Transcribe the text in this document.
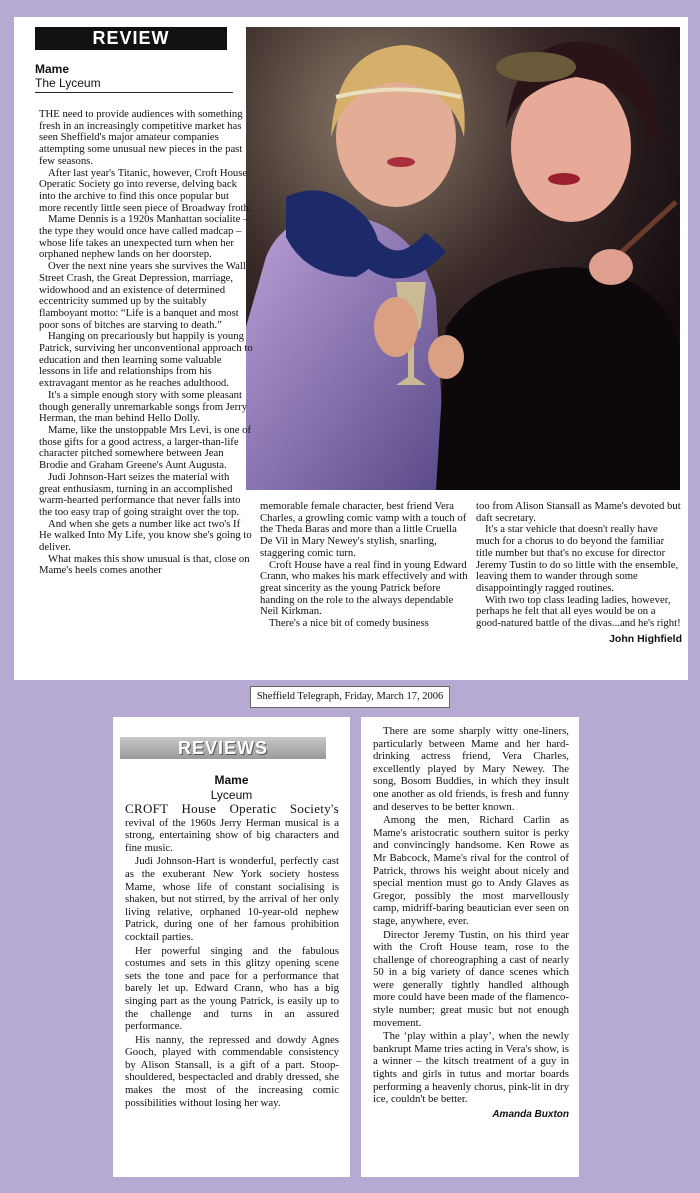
REVIEW
Mame
The Lyceum

THE need to provide audiences with something fresh in an increasingly competitive market has seen Sheffield's major amateur companies attempting some unusual new pieces in the past few seasons.

After last year's Titanic, however, Croft House Operatic Society go into reverse, delving back into the archive to find this once popular but more recently little seen piece of Broadway froth.

Mame Dennis is a 1920s Manhattan socialite – the type they would once have called madcap – whose life takes an unexpected turn when her orphaned nephew lands on her doorstep.

Over the next nine years she survives the Wall Street Crash, the Great Depression, marriage, widowhood and an existence of determined eccentricity summed up by the suitably flamboyant motto: “Life is a banquet and most poor sons of bitches are starving to death.”

Hanging on precariously but happily is young Patrick, surviving her unconventional approach to education and then learning some valuable lessons in life and relationships from his extravagant mentor as he reaches adulthood.

It's a simple enough story with some pleasant though generally unremarkable songs from Jerry Herman, the man behind Hello Dolly.

Mame, like the unstoppable Mrs Levi, is one of those gifts for a good actress, a larger-than-life character pitched somewhere between Jean Brodie and Graham Greene's Aunt Augusta.

Judi Johnson-Hart seizes the material with great enthusiasm, turning in an accomplished warm-hearted performance that never falls into the too easy trap of going straight over the top.

And when she gets a number like act two's If He walked Into My Life, you know she's going to deliver.

What makes this show unusual is that, close on Mame's heels comes another

memorable female character, best friend Vera Charles, a growling comic vamp with a touch of the Theda Baras and more than a little Cruella De Vil in Mary Newey's stylish, snarling, staggering comic turn.

Croft House have a real find in young Edward Crann, who makes his mark effectively and with great sincerity as the young Patrick before handing on the role to the always dependable Neil Kirkman.

There's a nice bit of comedy business

too from Alison Stansall as Mame's devoted but daft secretary.

It's a star vehicle that doesn't really have much for a chorus to do beyond the familiar title number but that's no excuse for director Jeremy Tustin to do so little with the ensemble, leaving them to wander through some disappointingly ragged routines.

With two top class leading ladies, however, perhaps he felt that all eyes would be on a good-natured battle of the divas...and he's right!

John Highfield

Sheffield Telegraph, Friday, March 17, 2006
REVIEWS
Mame
Lyceum

CROFT House Operatic Society's revival of the 1960s Jerry Herman musical is a strong, entertaining show of big characters and fine music.

Judi Johnson-Hart is wonderful, perfectly cast as the exuberant New York society hostess Mame, whose life of constant socialising is shaken, but not stirred, by the arrival of her only living relative, orphaned 10-year-old nephew Patrick, during one of her famous prohibition cocktail parties.

Her powerful singing and the fabulous costumes and sets in this glitzy opening scene sets the tone and pace for a performance that barely let up. Edward Crann, who has a big singing part as the young Patrick, is easily up to the challenge and turns in an assured performance.

His nanny, the repressed and dowdy Agnes Gooch, played with commendable consistency by Alison Stansall, is a gift of a part. Stoop-shouldered, bespectacled and drably dressed, she makes the most of the increasing comic possibilities without losing her way.

There are some sharply witty one-liners, particularly between Mame and her hard-drinking actress friend, Vera Charles, excellently played by Mary Newey. The song, Bosom Buddies, in which they insult one another as old friends, is fresh and funny and deserves to be better known.

Among the men, Richard Carlin as Mame's aristocratic southern suitor is perky and convincingly handsome. Ken Rowe as Mr Babcock, Mame's rival for the control of Patrick, throws his weight about nicely and special mention must go to Andy Glaves as Gregor, possibly the most marvellously camp, midriff-baring beautician ever seen on stage, anywhere, ever.

Director Jeremy Tustin, on his third year with the Croft House team, rose to the challenge of choreographing a cast of nearly 50 in a big variety of dance scenes which were generally tightly handled although more could have been made of the flamenco-style number; great music but not enough movement.

The ‘play within a play’, when the newly bankrupt Mame tries acting in Vera's show, is a winner – the kitsch treatment of a guy in tights and girls in tutus and mortar boards performing a heavenly chorus, pink-lit in dry ice, couldn't be better.

Amanda Buxton
